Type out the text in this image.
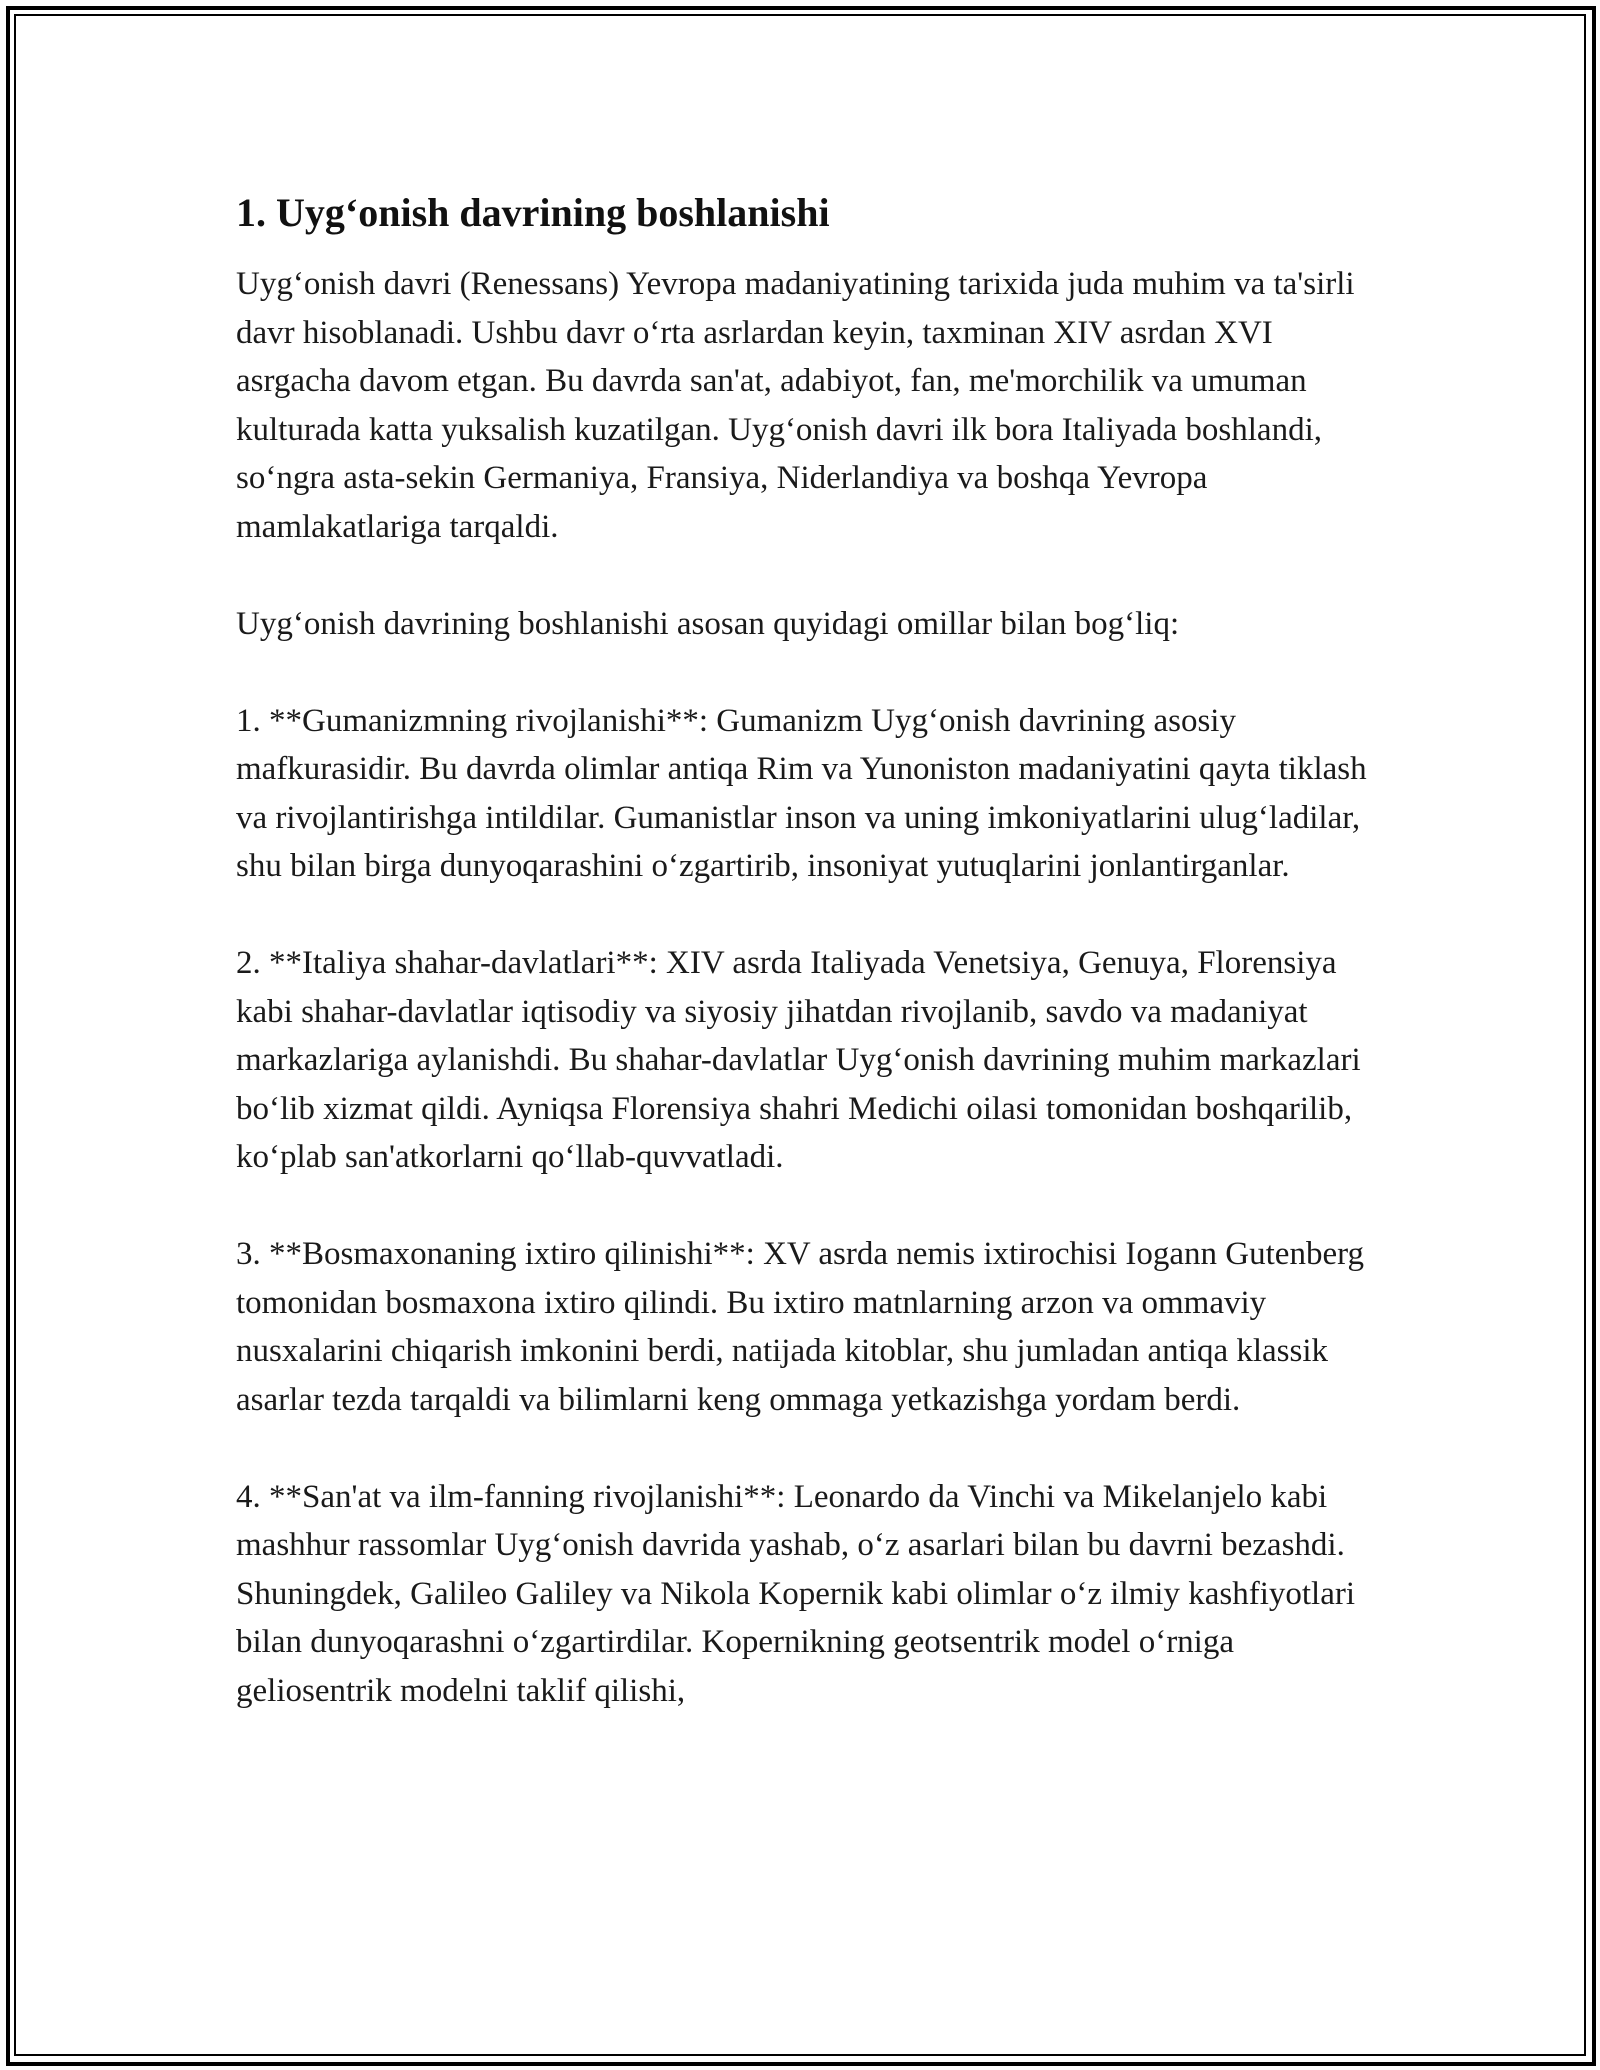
1. Uyg‘onish davrining boshlanishi

Uyg‘onish davri (Renessans) Yevropa madaniyatining tarixida juda muhim va ta'sirli davr hisoblanadi. Ushbu davr o‘rta asrlardan keyin, taxminan XIV asrdan XVI asrgacha davom etgan. Bu davrda san'at, adabiyot, fan, me'morchilik va umuman kulturada katta yuksalish kuzatilgan. Uyg‘onish davri ilk bora Italiyada boshlandi, so‘ngra asta-sekin Germaniya, Fransiya, Niderlandiya va boshqa Yevropa mamlakatlariga tarqaldi.

Uyg‘onish davrining boshlanishi asosan quyidagi omillar bilan bog‘liq:

1. **Gumanizmning rivojlanishi**: Gumanizm Uyg‘onish davrining asosiy mafkurasidir. Bu davrda olimlar antiqa Rim va Yunoniston madaniyatini qayta tiklash va rivojlantirishga intildilar. Gumanistlar inson va uning imkoniyatlarini ulug‘ladilar, shu bilan birga dunyoqarashini o‘zgartirib, insoniyat yutuqlarini jonlantirganlar.

2. **Italiya shahar-davlatlari**: XIV asrda Italiyada Venetsiya, Genuya, Florensiya kabi shahar-davlatlar iqtisodiy va siyosiy jihatdan rivojlanib, savdo va madaniyat markazlariga aylanishdi. Bu shahar-davlatlar Uyg‘onish davrining muhim markazlari bo‘lib xizmat qildi. Ayniqsa Florensiya shahri Medichi oilasi tomonidan boshqarilib, ko‘plab san'atkorlarni qo‘llab-quvvatladi.

3. **Bosmaxonaning ixtiro qilinishi**: XV asrda nemis ixtirochisi Iogann Gutenberg tomonidan bosmaxona ixtiro qilindi. Bu ixtiro matnlarning arzon va ommaviy nusxalarini chiqarish imkonini berdi, natijada kitoblar, shu jumladan antiqa klassik asarlar tezda tarqaldi va bilimlarni keng ommaga yetkazishga yordam berdi.

4. **San'at va ilm-fanning rivojlanishi**: Leonardo da Vinchi va Mikelanjelo kabi mashhur rassomlar Uyg‘onish davrida yashab, o‘z asarlari bilan bu davrni bezashdi. Shuningdek, Galileo Galiley va Nikola Kopernik kabi olimlar o‘z ilmiy kashfiyotlari bilan dunyoqarashni o‘zgartirdilar. Kopernikning geotsentrik model o‘rniga geliosentrik modelni taklif qilishi,
